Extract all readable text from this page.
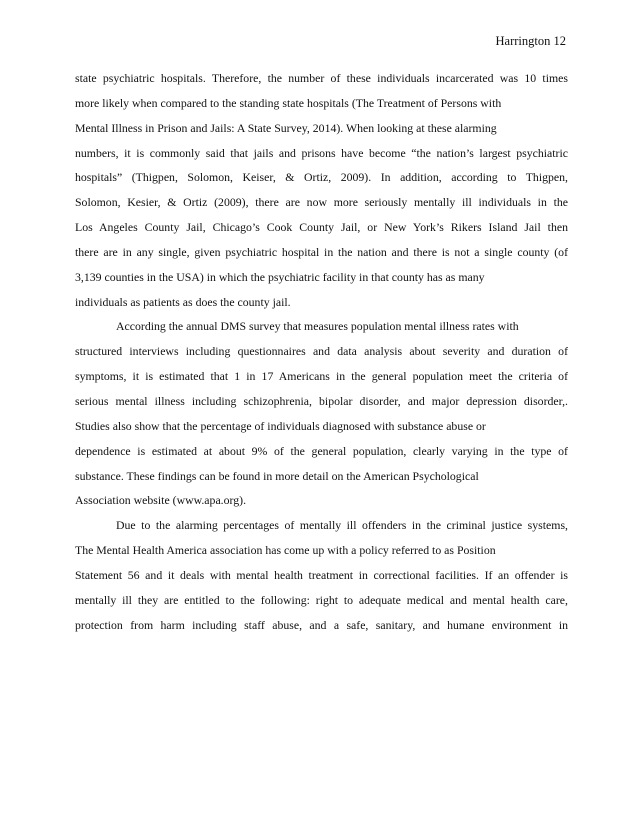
Harrington 12
state psychiatric hospitals. Therefore, the number of these individuals incarcerated was 10 times
more likely when compared to the standing state hospitals (The Treatment of Persons with
Mental Illness in Prison and Jails: A State Survey, 2014). When looking at these alarming
numbers, it is commonly said that jails and prisons have become “the nation’s largest psychiatric
hospitals” (Thigpen, Solomon, Keiser, & Ortiz, 2009). In addition, according to Thigpen,
Solomon, Kesier, & Ortiz (2009), there are now more seriously mentally ill individuals in the
Los Angeles County Jail, Chicago’s Cook County Jail, or New York’s Rikers Island Jail then
there are in any single, given psychiatric hospital in the nation and there is not a single county (of
3,139 counties in the USA) in which the psychiatric facility in that county has as many
individuals as patients as does the county jail.
According the annual DMS survey that measures population mental illness rates with
structured interviews including questionnaires and data analysis about severity and duration of
symptoms, it is estimated that 1 in 17 Americans in the general population meet the criteria of
serious mental illness including schizophrenia, bipolar disorder, and major depression disorder,.
Studies also show that the percentage of individuals diagnosed with substance abuse or
dependence is estimated at about 9% of the general population, clearly varying in the type of
substance. These findings can be found in more detail on the American Psychological
Association website (www.apa.org).
Due to the alarming percentages of mentally ill offenders in the criminal justice systems,
The Mental Health America association has come up with a policy referred to as Position
Statement 56 and it deals with mental health treatment in correctional facilities. If an offender is
mentally ill they are entitled to the following: right to adequate medical and mental health care,
protection from harm including staff abuse, and a safe, sanitary, and humane environment in
